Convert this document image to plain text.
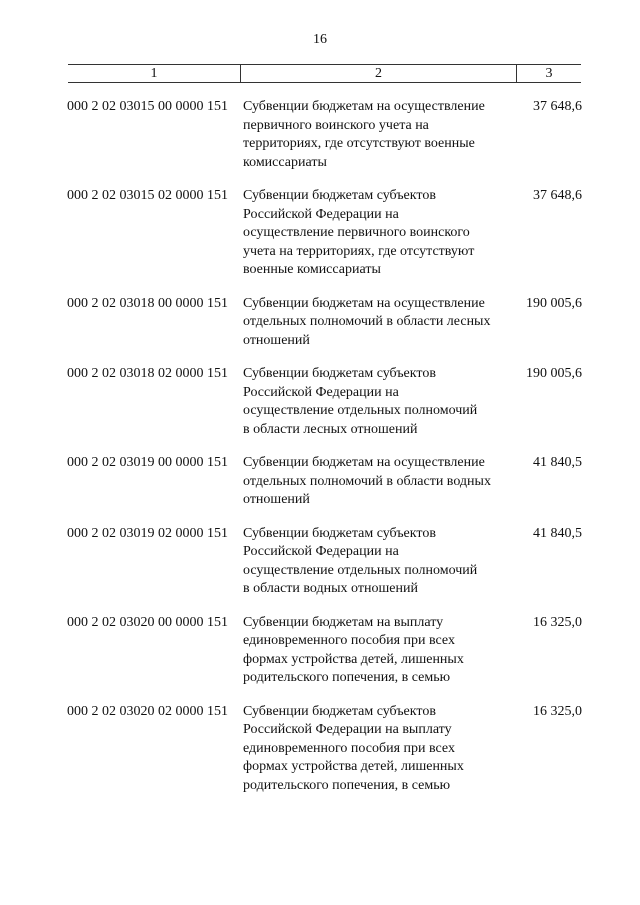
16
1	2	3
000 2 02 03015 00 0000 151 Субвенции бюджетам на осуществление
первичного воинского учета на
территориях, где отсутствуют военные
комиссариаты
37 648,6
000 2 02 03015 02 0000 151 Субвенции бюджетам субъектов
Российской Федерации на
осуществление первичного воинского
учета на территориях, где отсутствуют
военные комиссариаты
37 648,6
000 2 02 03018 00 0000 151 Субвенции бюджетам на осуществление
отдельных полномочий в области лесных
отношений
190 005,6
000 2 02 03018 02 0000 151 Субвенции бюджетам субъектов
Российской Федерации на
осуществление отдельных полномочий
в области лесных отношений
190 005,6
000 2 02 03019 00 0000 151 Субвенции бюджетам на осуществление
отдельных полномочий в области водных
отношений
41 840,5
000 2 02 03019 02 0000 151 Субвенции бюджетам субъектов
Российской Федерации на
осуществление отдельных полномочий
в области водных отношений
41 840,5
000 2 02 03020 00 0000 151 Субвенции бюджетам на выплату
единовременного пособия при всех
формах устройства детей, лишенных
родительского попечения, в семью
16 325,0
000 2 02 03020 02 0000 151 Субвенции бюджетам субъектов
Российской Федерации на выплату
единовременного пособия при всех
формах устройства детей, лишенных
родительского попечения, в семью
16 325,0
